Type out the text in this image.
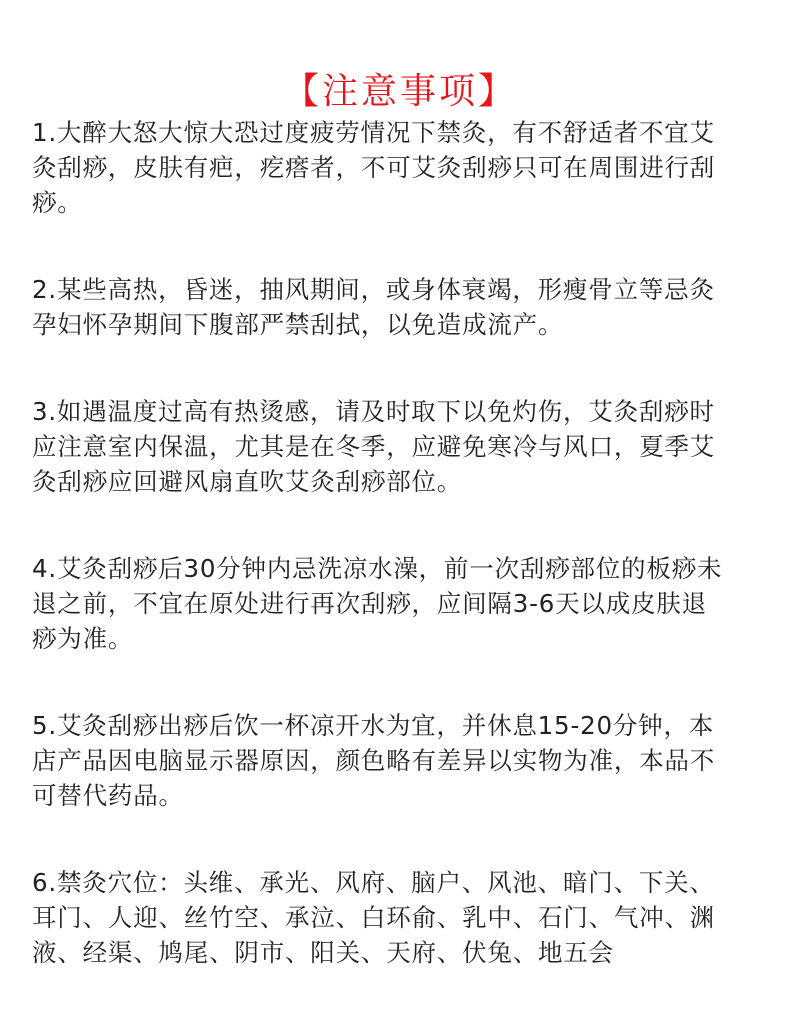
【注意事项】
1.大醉大怒大惊大恐过度疲劳情况下禁灸，有不舒适者不宜艾
灸刮痧，皮肤有疤，疙瘩者，不可艾灸刮痧只可在周围进行刮
痧。
2.某些高热，昏迷，抽风期间，或身体衰竭，形瘦骨立等忌灸
孕妇怀孕期间下腹部严禁刮拭，以免造成流产。
3.如遇温度过高有热烫感，请及时取下以免灼伤，艾灸刮痧时
应注意室内保温，尤其是在冬季，应避免寒冷与风口，夏季艾
灸刮痧应回避风扇直吹艾灸刮痧部位。
4.艾灸刮痧后30分钟内忌洗凉水澡，前一次刮痧部位的板痧未
退之前，不宜在原处进行再次刮痧，应间隔3-6天以成皮肤退
痧为准。
5.艾灸刮痧出痧后饮一杯凉开水为宜，并休息15-20分钟，本
店产品因电脑显示器原因，颜色略有差异以实物为准，本品不
可替代药品。
6.禁灸穴位：头维、承光、风府、脑户、风池、暗门、下关、
耳门、人迎、丝竹空、承泣、白环俞、乳中、石门、气冲、渊
液、经渠、鸠尾、阴市、阳关、天府、伏兔、地五会
